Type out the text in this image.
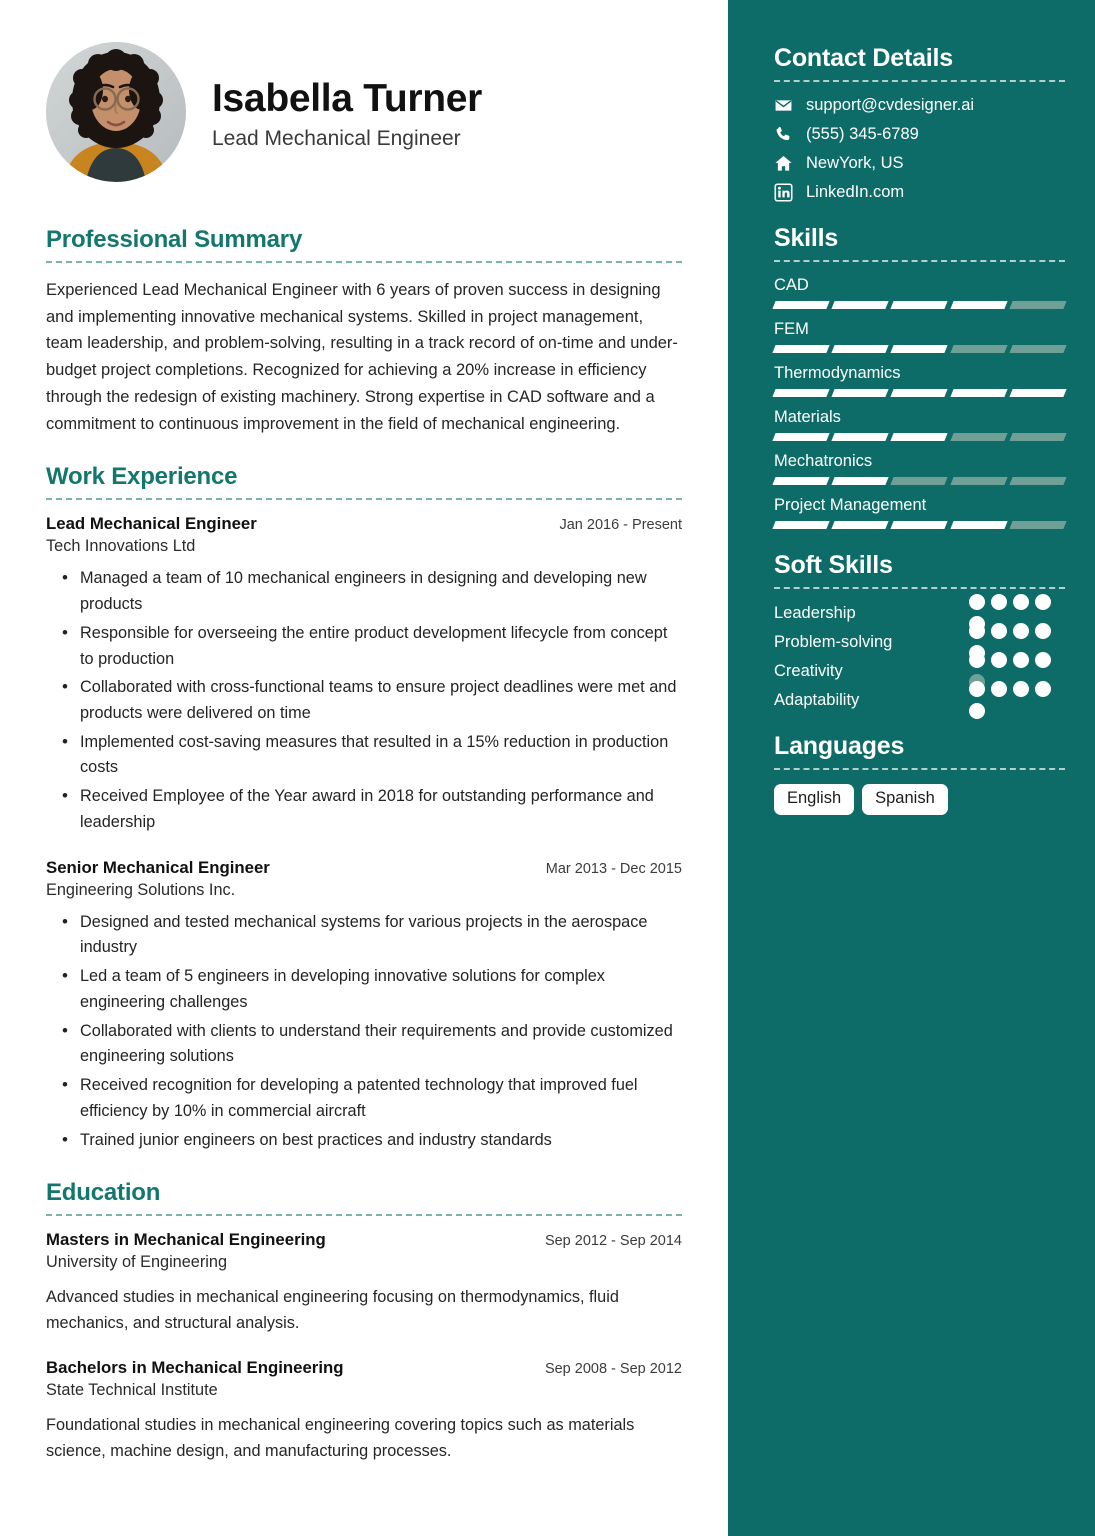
Isabella Turner
Lead Mechanical Engineer
Professional Summary
Experienced Lead Mechanical Engineer with 6 years of proven success in designing and implementing innovative mechanical systems. Skilled in project management, team leadership, and problem-solving, resulting in a track record of on-time and under-budget project completions. Recognized for achieving a 20% increase in efficiency through the redesign of existing machinery. Strong expertise in CAD software and a commitment to continuous improvement in the field of mechanical engineering.
Work Experience
Lead Mechanical Engineer	Jan 2016 - Present
Tech Innovations Ltd
• Managed a team of 10 mechanical engineers in designing and developing new products
• Responsible for overseeing the entire product development lifecycle from concept to production
• Collaborated with cross-functional teams to ensure project deadlines were met and products were delivered on time
• Implemented cost-saving measures that resulted in a 15% reduction in production costs
• Received Employee of the Year award in 2018 for outstanding performance and leadership
Senior Mechanical Engineer	Mar 2013 - Dec 2015
Engineering Solutions Inc.
• Designed and tested mechanical systems for various projects in the aerospace industry
• Led a team of 5 engineers in developing innovative solutions for complex engineering challenges
• Collaborated with clients to understand their requirements and provide customized engineering solutions
• Received recognition for developing a patented technology that improved fuel efficiency by 10% in commercial aircraft
• Trained junior engineers on best practices and industry standards
Education
Masters in Mechanical Engineering	Sep 2012 - Sep 2014
University of Engineering
Advanced studies in mechanical engineering focusing on thermodynamics, fluid mechanics, and structural analysis.
Bachelors in Mechanical Engineering	Sep 2008 - Sep 2012
State Technical Institute
Foundational studies in mechanical engineering covering topics such as materials science, machine design, and manufacturing processes.
Contact Details
support@cvdesigner.ai
(555) 345-6789
NewYork, US
LinkedIn.com
Skills
CAD
FEM
Thermodynamics
Materials
Mechatronics
Project Management
Soft Skills
Leadership
Problem-solving
Creativity
Adaptability
Languages
English	Spanish
